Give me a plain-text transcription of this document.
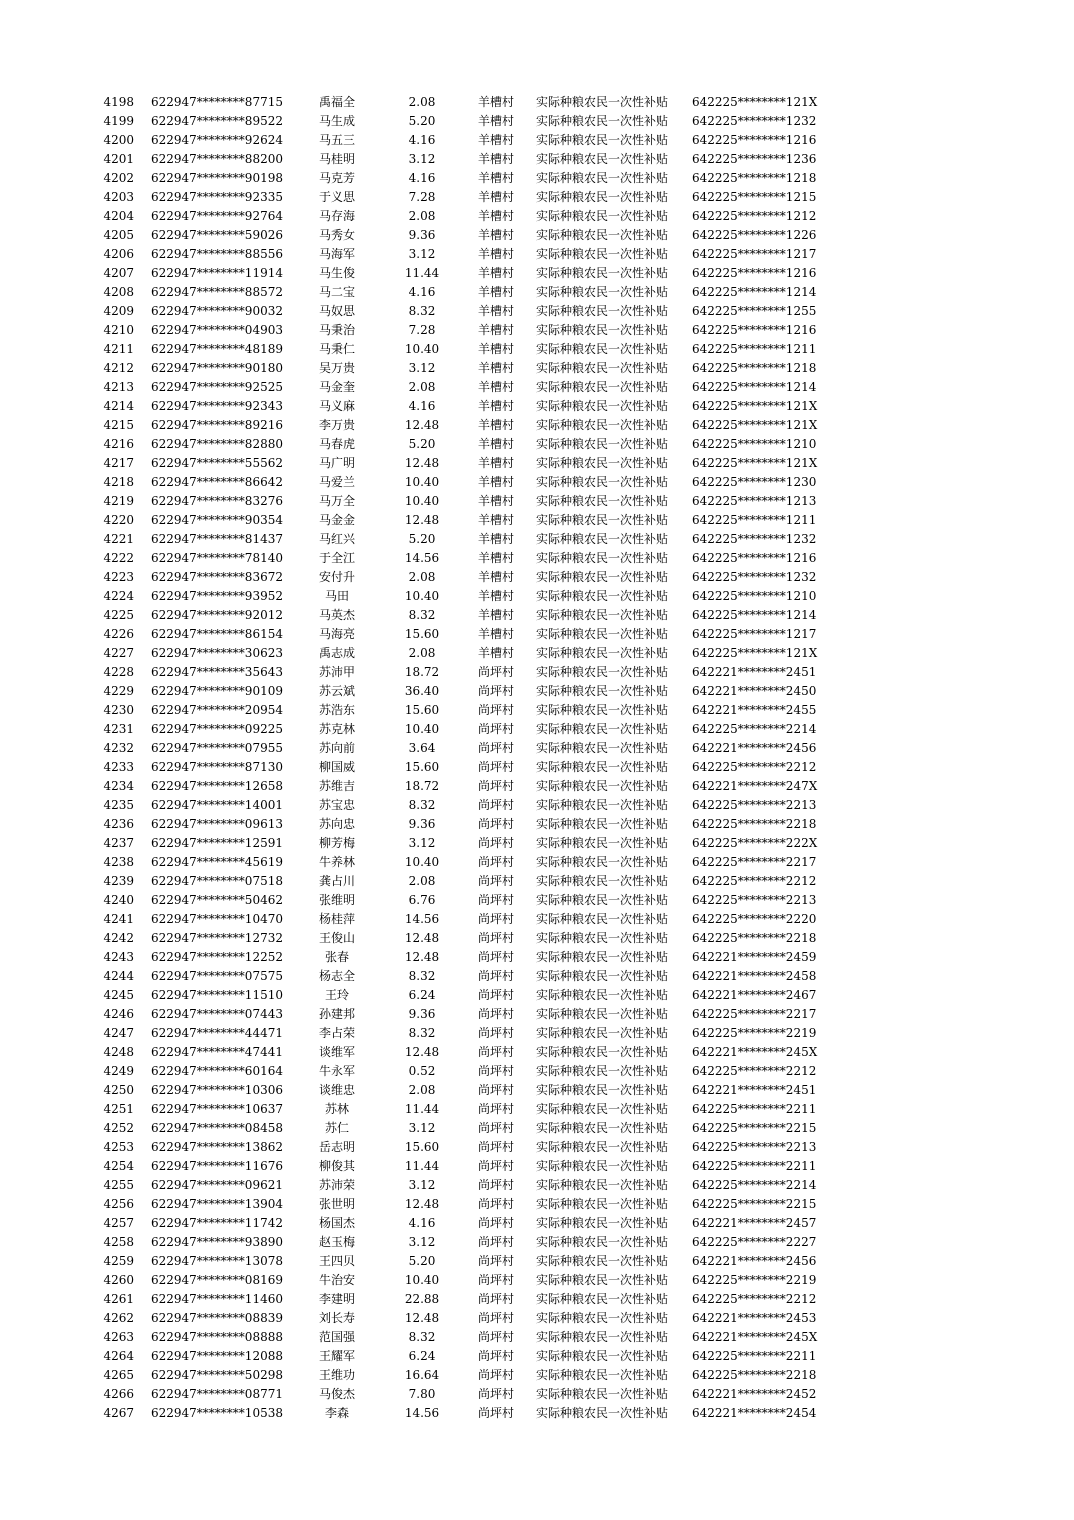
4198 622947********87715	禹福全	2.08	羊槽村	实际种粮农民一次性补贴 642225********121X
4199 622947********89522	马生成	5.20	羊槽村	实际种粮农民一次性补贴 642225********1232
4200 622947********92624	马五三	4.16	羊槽村	实际种粮农民一次性补贴 642225********1216
4201 622947********88200	马桂明	3.12	羊槽村	实际种粮农民一次性补贴 642225********1236
4202 622947********90198	马克芳	4.16	羊槽村	实际种粮农民一次性补贴 642225********1218
4203 622947********92335	于义思	7.28	羊槽村	实际种粮农民一次性补贴 642225********1215
4204 622947********92764	马存海	2.08	羊槽村	实际种粮农民一次性补贴 642225********1212
4205 622947********59026	马秀女	9.36	羊槽村	实际种粮农民一次性补贴 642225********1226
4206 622947********88556	马海军	3.12	羊槽村	实际种粮农民一次性补贴 642225********1217
4207 622947********11914	马生俊	11.44	羊槽村	实际种粮农民一次性补贴 642225********1216
4208 622947********88572	马二宝	4.16	羊槽村	实际种粮农民一次性补贴 642225********1214
4209 622947********90032	马奴思	8.32	羊槽村	实际种粮农民一次性补贴 642225********1255
4210 622947********04903	马秉治	7.28	羊槽村	实际种粮农民一次性补贴 642225********1216
4211 622947********48189	马秉仁	10.40	羊槽村	实际种粮农民一次性补贴 642225********1211
4212 622947********90180	吴万贵	3.12	羊槽村	实际种粮农民一次性补贴 642225********1218
4213 622947********92525	马金奎	2.08	羊槽村	实际种粮农民一次性补贴 642225********1214
4214 622947********92343	马义麻	4.16	羊槽村	实际种粮农民一次性补贴 642225********121X
4215 622947********89216	李万贵	12.48	羊槽村	实际种粮农民一次性补贴 642225********121X
4216 622947********82880	马春虎	5.20	羊槽村	实际种粮农民一次性补贴 642225********1210
4217 622947********55562	马广明	12.48	羊槽村	实际种粮农民一次性补贴 642225********121X
4218 622947********86642	马爱兰	10.40	羊槽村	实际种粮农民一次性补贴 642225********1230
4219 622947********83276	马万全	10.40	羊槽村	实际种粮农民一次性补贴 642225********1213
4220 622947********90354	马金金	12.48	羊槽村	实际种粮农民一次性补贴 642225********1211
4221 622947********81437	马红兴	5.20	羊槽村	实际种粮农民一次性补贴 642225********1232
4222 622947********78140	于全江	14.56	羊槽村	实际种粮农民一次性补贴 642225********1216
4223 622947********83672	安付升	2.08	羊槽村	实际种粮农民一次性补贴 642225********1232
4224 622947********93952	马田	10.40	羊槽村	实际种粮农民一次性补贴 642225********1210
4225 622947********92012	马英杰	8.32	羊槽村	实际种粮农民一次性补贴 642225********1214
4226 622947********86154	马海亮	15.60	羊槽村	实际种粮农民一次性补贴 642225********1217
4227 622947********30623	禹志成	2.08	羊槽村	实际种粮农民一次性补贴 642225********121X
4228 622947********35643	苏沛甲	18.72	尚坪村	实际种粮农民一次性补贴 642221********2451
4229 622947********90109	苏云斌	36.40	尚坪村	实际种粮农民一次性补贴 642221********2450
4230 622947********20954	苏浩东	15.60	尚坪村	实际种粮农民一次性补贴 642221********2455
4231 622947********09225	苏克林	10.40	尚坪村	实际种粮农民一次性补贴 642225********2214
4232 622947********07955	苏向前	3.64	尚坪村	实际种粮农民一次性补贴 642221********2456
4233 622947********87130	柳国威	15.60	尚坪村	实际种粮农民一次性补贴 642225********2212
4234 622947********12658	苏维吉	18.72	尚坪村	实际种粮农民一次性补贴 642221********247X
4235 622947********14001	苏宝忠	8.32	尚坪村	实际种粮农民一次性补贴 642225********2213
4236 622947********09613	苏向忠	9.36	尚坪村	实际种粮农民一次性补贴 642225********2218
4237 622947********12591	柳芳梅	3.12	尚坪村	实际种粮农民一次性补贴 642225********222X
4238 622947********45619	牛养林	10.40	尚坪村	实际种粮农民一次性补贴 642225********2217
4239 622947********07518	龚占川	2.08	尚坪村	实际种粮农民一次性补贴 642225********2212
4240 622947********50462	张维明	6.76	尚坪村	实际种粮农民一次性补贴 642225********2213
4241 622947********10470	杨桂萍	14.56	尚坪村	实际种粮农民一次性补贴 642225********2220
4242 622947********12732	王俊山	12.48	尚坪村	实际种粮农民一次性补贴 642225********2218
4243 622947********12252	张春	12.48	尚坪村	实际种粮农民一次性补贴 642221********2459
4244 622947********07575	杨志全	8.32	尚坪村	实际种粮农民一次性补贴 642221********2458
4245 622947********11510	王玲	6.24	尚坪村	实际种粮农民一次性补贴 642221********2467
4246 622947********07443	孙建邦	9.36	尚坪村	实际种粮农民一次性补贴 642225********2217
4247 622947********44471	李占荣	8.32	尚坪村	实际种粮农民一次性补贴 642225********2219
4248 622947********47441	谈维军	12.48	尚坪村	实际种粮农民一次性补贴 642221********245X
4249 622947********60164	牛永军	0.52	尚坪村	实际种粮农民一次性补贴 642225********2212
4250 622947********10306	谈维忠	2.08	尚坪村	实际种粮农民一次性补贴 642221********2451
4251 622947********10637	苏林	11.44	尚坪村	实际种粮农民一次性补贴 642225********2211
4252 622947********08458	苏仁	3.12	尚坪村	实际种粮农民一次性补贴 642225********2215
4253 622947********13862	岳志明	15.60	尚坪村	实际种粮农民一次性补贴 642225********2213
4254 622947********11676	柳俊其	11.44	尚坪村	实际种粮农民一次性补贴 642225********2211
4255 622947********09621	苏沛荣	3.12	尚坪村	实际种粮农民一次性补贴 642225********2214
4256 622947********13904	张世明	12.48	尚坪村	实际种粮农民一次性补贴 642225********2215
4257 622947********11742	杨国杰	4.16	尚坪村	实际种粮农民一次性补贴 642221********2457
4258 622947********93890	赵玉梅	3.12	尚坪村	实际种粮农民一次性补贴 642225********2227
4259 622947********13078	王四贝	5.20	尚坪村	实际种粮农民一次性补贴 642221********2456
4260 622947********08169	牛治安	10.40	尚坪村	实际种粮农民一次性补贴 642225********2219
4261 622947********11460	李建明	22.88	尚坪村	实际种粮农民一次性补贴 642225********2212
4262 622947********08839	刘长寿	12.48	尚坪村	实际种粮农民一次性补贴 642221********2453
4263 622947********08888	范国强	8.32	尚坪村	实际种粮农民一次性补贴 642221********245X
4264 622947********12088	王耀军	6.24	尚坪村	实际种粮农民一次性补贴 642225********2211
4265 622947********50298	王维功	16.64	尚坪村	实际种粮农民一次性补贴 642225********2218
4266 622947********08771	马俊杰	7.80	尚坪村	实际种粮农民一次性补贴 642221********2452
4267 622947********10538	李森	14.56	尚坪村	实际种粮农民一次性补贴 642221********2454
